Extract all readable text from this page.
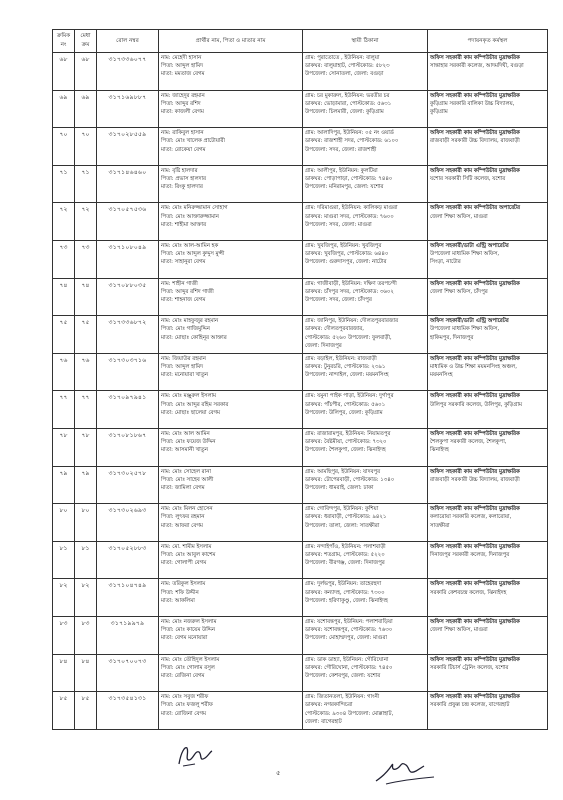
ক্রমিক নং	মেধা ক্রম	রোল নম্বর	প্রার্থীর নাম, পিতা ও মাতার নাম	স্থায়ী ঠিকানা	পদায়নকৃত কর্মস্থল
৬৮	৬৮	৩১৭৩৩৬০৭৭	নাম: মেহেদী হাসান
পিতা: আব্দুল হামিদ
মাতা: মমতাজ বেগম	গ্রাম: পুরাতোতে , ইউনিয়ন: বালুয়া
ডাকঘর: বালুয়াহাট, পোস্টকোড: ৫৮২৩
উপজেলা: সোনাতলা, জেলা: বগুড়া	অফিস সহকারী কাম কম্পিউটার মুদ্রাক্ষরিক
সান্তাহার সরকারী কলেজ, আদমদিঘী, বগুড়া

৬৯	৬৯	৩১৭১৬৯৮৮৭	নাম: জাহেদুর রহমান
পিতা: আব্দুর রশিদ
মাতা: কাজলী বেগম	গ্রাম: চর মুকারুল, ইউনিয়ন: ভরতীর চর
ডাকঘর: ভোড়ামারা, পোস্টকোড: ৫৬৩১
উপজেলা: চিলমারী, জেলা: কুড়িগ্রাম	অফিস সহকারী কাম কম্পিউটার মুদ্রাক্ষরিক
কুড়িগ্রাম সরকারি বালিকা উচ্চ বিদ্যালয়,
কুড়িগ্রাম

৭০	৭০	৩১৭০২৮৫৫৯	নাম: রাকিবুল হাসান
পিতা: মোঃ খালেক প্রাটোয়ারী
মাতা: রোকেয়া বেগম	গ্রাম: আলাদিপুর, ইউনিয়ন: ০৫ নং ওয়ার্ড
ডাকঘর: রাজশাহী সদর, পোস্টকোড: ৬১০০
উপজেলা: সদর, জেলা: রাজশাহী	অফিস সহকারী কাম কম্পিউটার মুদ্রাক্ষরিক
রাজবাড়ী সরকারী উচ্চ বিদ্যালয়, রাজবাড়ী

৭১	৭১	৩১৭১৪৬৪৬০	নাম: বৃষ্টি হালদার
পিতা: প্রভাস হালদার
মাতা: রিংকু হালদার	গ্রাম: আলীপুর, ইউনিয়ন: কুলটিয়া
ডাকঘর: পোড়াপাড়া, পোস্টকোড: ৭৪৪০
উপজেলা: মনিরামপুর, জেলা: যশোর	অফিস সহকারী কাম কম্পিউটার মুদ্রাক্ষরিক
যশোর সরকারী সিটি কলেজ, যশোর

৭২	৭২	৩১৭০৫৭৫৩৬	নাম: মোঃ মনিরুজ্জামান সোহাগ
পিতা: মোঃ আক্তারুজ্জামান
মাতা: শাহীমা আক্তার	গ্রাম: দরিমাগুরা, ইউনিয়ন: কালিকড় মাগুরা
ডাকঘর: মাগুরা সদর, পোস্টকোড: ৭৬০০
উপজেলা: সদর, জেলা: মাগুরা	অফিস সহকারী কাম কম্পিউটার অপারেটর
জেলা শিক্ষা অফিস, মাগুরা

৭৩	৭৩	৩১৭১০৮০৪৯	নাম: মোঃ আল-আমিন হক
পিতা: মোঃ আব্দুল কুদ্দুস মুন্সী
মাতা: সাহানুরা বেগম	গ্রাম: খুবজিপুর, ইউনিয়ন: খুবজিপুর
ডাকঘর: খুবজিপুর, পোস্টকোড: ৬৪৪০
উপজেলা: গুরুদাসপুর, জেলা: নাটোর	অফিস সহকারী/ডাটা এন্ট্রি অপারেটর
উপজেলা মাধ্যমিক শিক্ষা অফিস,
সিংড়া, নাটোর

৭৪	৭৪	৩১৭০৮৮০৩৫	নাম: শাহীন গাজী
পিতা: আব্দুর রশিদ গাজী
মাতা: শাহনাজ বেগম	গ্রাম: গাজীবাড়ী, ইউনিয়ন: দক্ষিণ তরপচন্দী
ডাকঘর: চাঁদপুর সদর, পোস্টকোড: ৩৬০২
উপজেলা: সদর, জেলা: চাঁদপুর	অফিস সহকারী কাম কম্পিউটার মুদ্রাক্ষরিক
জেলা শিক্ষা অফিস, চাঁদপুর

৭৫	৭৫	৩১৭৩৩৬৮৭২	নাম: মোঃ মাহফুজুর রহমান
পিতা: মোঃ গাজিমুদ্দিন
মাতা: মোছাঃ কোহিনূর আক্তার	গ্রাম: জানিপুর, ইউনিয়ন: দৌলতপুরবারজার
ডাকঘর: দৌলতপুরবারজার,
পোস্টকোড: ৫২৬০ উপজেলা: ফুলবাড়ী,
জেলা: দিনাজপুর	অফিস সহকারী/ডাটা এন্ট্রি অপারেটর
উপজেলা মাধ্যমিক শিক্ষা অফিস,
হাকিমপুর, দিনাজপুর

৭৬	৭৬	৩১৭৩০৩৭১৬	নাম: জিয়াউর রহমান
পিতা: আব্দুল হামিদ
মাতা: মনোয়ারা খাতুন	গ্রাম: বড়াইল, ইউনিয়ন: রাজবাড়ী
ডাকঘর: টুনুরচরি, পোস্টকোড: ২৩৯১
উপজেলা: নান্দাইল, জেলা: ময়মনসিংহ	অফিস সহকারী কাম কম্পিউটার মুদ্রাক্ষরিক
মাধ্যমিক ও উচ্চ শিক্ষা ময়মনসিংহ অঞ্চল,
ময়মনসিংহ

৭৭	৭৭	৩১৭০৯৭৯৪১	নাম: মোঃ মঞ্জুরুল ইসলাম
পিতা: মোঃ আব্দুর রহিম সরকার
মাতা: মোছাঃ ছালেয়া বেগম	গ্রাম: যমুনা পাইক পাড়া, ইউনিয়ন: দুর্গাপুর
ডাকঘর: পাঁচপীর, পোস্টকোড: ৫৬০১
উপজেলা: উলিপুর, জেলা: কুড়িগ্রাম	অফিস সহকারী কাম কম্পিউটার মুদ্রাক্ষরিক
উলিপুর সরকারি কলেজ, উলিপুর, কুড়িগ্রাম

৭৮	৭৮	৩১৭০৮১৮৬৭	নাম: মোঃ আল আমিন
পিতা: মোঃ ফয়েজ উদ্দিন
মাতা: আসমানী খাতুন	গ্রাম: রাজারামপুর, ইউনিয়ন: নিয়ামতপুর
ডাকঘর: বৈষ্টমীয়া, পোস্টকোড: ৭৩২০
উপজেলা: শৈলকুপা, জেলা: ঝিনাইদহ	অফিস সহকারী কাম কম্পিউটার মুদ্রাক্ষরিক
শৈলকুপা সরকারী কলেজ, শৈলকুপা,
ঝিনাইদহ

৭৯	৭৯	৩১৭৩০২৫৭৮	নাম: মোঃ সোহেল রানা
পিতা: মোঃ সাহেব আলী
মাতা: জামিলা বেগম	গ্রাম: আমছিপুর, ইউনিয়ন: যাদবপুর
ডাকঘর: টোপেরবাড়ী, পোস্টকোড: ১৩৪০
উপজেলা: ধামরাই, জেলা: ঢাকা	অফিস সহকারী কাম কম্পিউটার মুদ্রাক্ষরিক
রাজবাড়ী সরকারী উচ্চ বিদ্যালয়, রাজবাড়ী

৮০	৮০	৩১৭৩০২৬৯৩	নাম: মোঃ মিলন হোসেন
পিতা: লুৎফর রহমান
মাতা: আফরা বেগম	গ্রাম: গোবিন্দপুর, ইউনিয়ন: কুশিয়া
ডাকঘর: ধরাবাড়ী, পোস্টকোড: ৯৪২১
উপজেলা: তালা, জেলা: সাতক্ষীরা	অফিস সহকারী কাম কম্পিউটার মুদ্রাক্ষরিক
কলারোয়া সরকারি কলেজ, কলারোয়া,
সাতক্ষীরা

৮১	৮১	৩১৭০৫২৮৮৩	নাম: মো. শামীম ইসলাম
পিতা: মোঃ আবুল কাশেম
মাতা: গোলাপী বেগম	গ্রাম: নন্দাইপাঁও, ইউনিয়ন: পলাশবাড়ী
ডাকঘর: শতগ্রাম, পোস্টকোড: ৫২২০
উপজেলা: বীরগঞ্জ, জেলা: দিনাজপুর	অফিস সহকারী কাম কম্পিউটার মুদ্রাক্ষরিক
দিনাজপুর সরকারী কলেজ, দিনাজপুর

৮২	৮২	৩১৭১০৪৭৪৯	নাম: তরিকুল ইসলাম
পিতা: শফি উদ্দীন
মাতা: আকলিমা	গ্রাম: দুর্লভপুর, ইউনিয়ন: তাহেরহুদা
ডাকঘর: কন্যাদহ, পোস্টকোড: ৭৩০০
উপজেলা: হরিণাকুণ্ডু, জেলা: ঝিনাইদহ	অফিস সহকারী কাম কম্পিউটার মুদ্রাক্ষরিক
সরকারি কেশবচন্দ্র কলেজ, ঝিনাইদহ

৮৩	৮৩	৩১৭১৯৯৭৯	নাম: মোঃ নজরুল ইসলাম
পিতা: মোঃ কায়েম উদ্দিন
মাতা: বেগম মনোয়ারা	গ্রাম: যশোবন্তপুর, ইউনিয়ন: পলাশবাড়িয়া
ডাকঘর: যশোবন্তপুর, পোস্টকোড: ৭৬৩০
উপজেলা: মোহাম্মদপুর, জেলা: মাগুরা	অফিস সহকারী কাম কম্পিউটার মুদ্রাক্ষরিক
জেলা শিক্ষা অফিস, মাগুরা

৮৪	৮৪	৩১৭০৭০০৭৩	নাম: মোঃ তৌহিদুল ইসলাম
পিতা: মোঃ গোলাম রসুল
মাতা: রেজিনা বেগম	গ্রাম: ডাক ডাহ্যা, ইউনিয়ন: গৌরিঘোনা
ডাকঘর: গৌরিঘোনা, পোস্টকোড: ৭৪৫০
উপজেলা: কেশবপুর, জেলা: যশোর	অফিস সহকারী কাম কম্পিউটার মুদ্রাক্ষরিক
সরকারি টিচার্স ট্রেনিং কলেজ, যশোর

৮৫	৮৫	৩১৭৩৫৪১৩১	নাম: মোঃ সবুজ শরীফ
পিতা: মোঃ ফজলু শরীফ
মাতা: রোজিনা বেগম	গ্রাম: জিতানতলা, ইউনিয়ন: গাংনী
ডাকঘর: নগরকান্দিচরা
পোস্টকোড: ৯৩০৪ উপজেলা: মোল্লাহাট,
জেলা: বাগেরহাট	অফিস সহকারী কাম কম্পিউটার মুদ্রাক্ষরিক
সরকারি প্রফুল্ল চন্দ্র কলেজ, বাগেরহাট
৫
